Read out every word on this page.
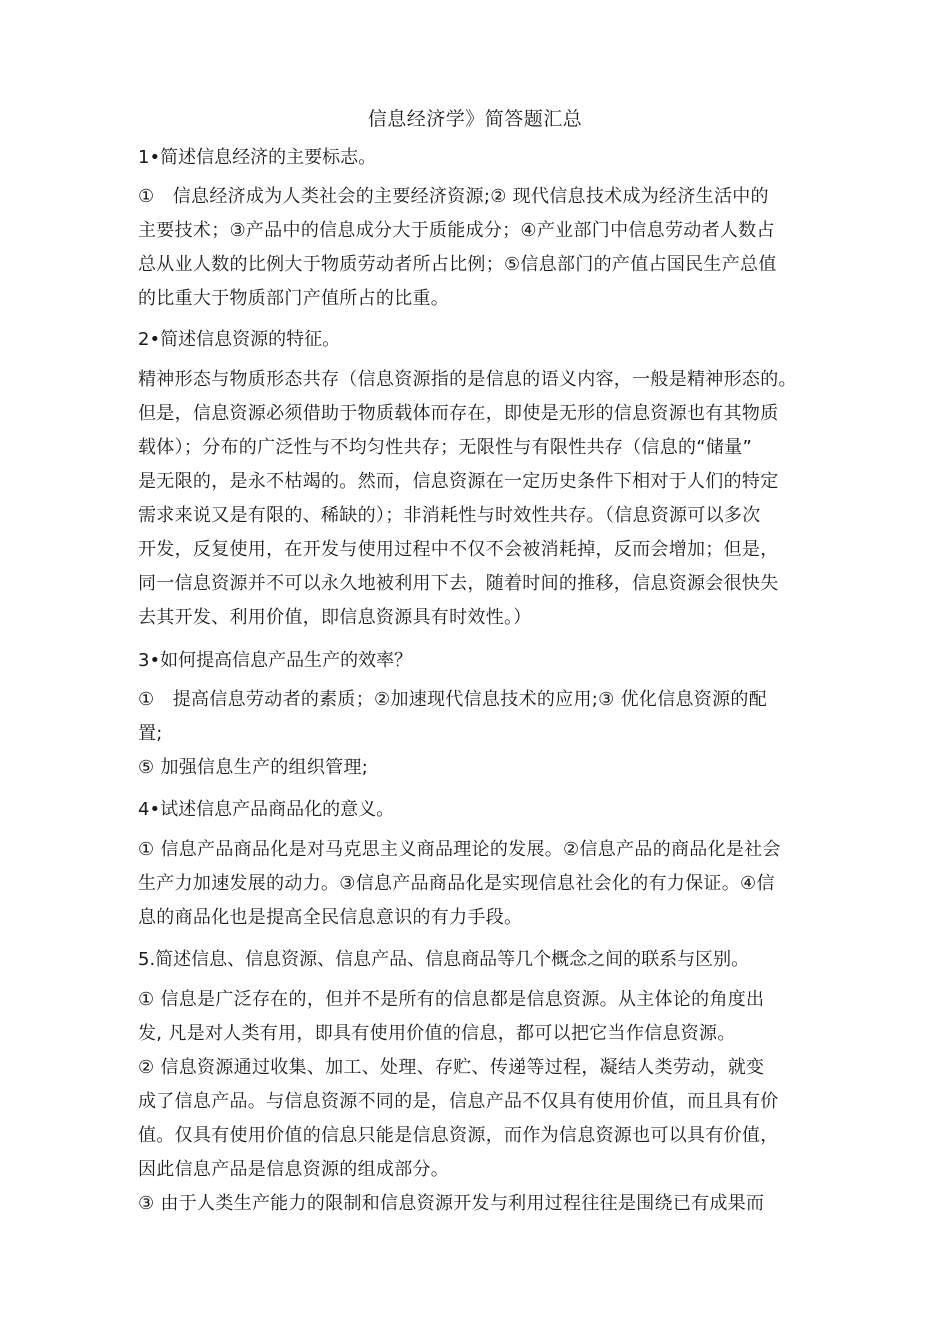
信息经济学》简答题汇总
1•简述信息经济的主要标志。
①　信息经济成为人类社会的主要经济资源;② 现代信息技术成为经济生活中的
主要技术；③产品中的信息成分大于质能成分；④产业部门中信息劳动者人数占
总从业人数的比例大于物质劳动者所占比例；⑤信息部门的产值占国民生产总值
的比重大于物质部门产值所占的比重。
2•简述信息资源的特征。
精神形态与物质形态共存（信息资源指的是信息的语义内容，一般是精神形态的。
但是，信息资源必须借助于物质载体而存在，即使是无形的信息资源也有其物质
载体）；分布的广泛性与不均匀性共存；无限性与有限性共存（信息的“储量”
是无限的，是永不枯竭的。然而，信息资源在一定历史条件下相对于人们的特定
需求来说又是有限的、稀缺的）；非消耗性与时效性共存。（信息资源可以多次
开发，反复使用，在开发与使用过程中不仅不会被消耗掉，反而会增加；但是，
同一信息资源并不可以永久地被利用下去，随着时间的推移，信息资源会很快失
去其开发、利用价值，即信息资源具有时效性。）
3•如何提高信息产品生产的效率？
①　提高信息劳动者的素质；②加速现代信息技术的应用;③ 优化信息资源的配
置;
⑤ 加强信息生产的组织管理;
4•试述信息产品商品化的意义。
① 信息产品商品化是对马克思主义商品理论的发展。②信息产品的商品化是社会
生产力加速发展的动力。③信息产品商品化是实现信息社会化的有力保证。④信
息的商品化也是提高全民信息意识的有力手段。
5.简述信息、信息资源、信息产品、信息商品等几个概念之间的联系与区别。
① 信息是广泛存在的，但并不是所有的信息都是信息资源。从主体论的角度出
发, 凡是对人类有用，即具有使用价值的信息，都可以把它当作信息资源。
② 信息资源通过收集、加工、处理、存贮、传递等过程，凝结人类劳动，就变
成了信息产品。与信息资源不同的是，信息产品不仅具有使用价值，而且具有价
值。仅具有使用价值的信息只能是信息资源，而作为信息资源也可以具有价值，
因此信息产品是信息资源的组成部分。
③ 由于人类生产能力的限制和信息资源开发与利用过程往往是围绕已有成果而
